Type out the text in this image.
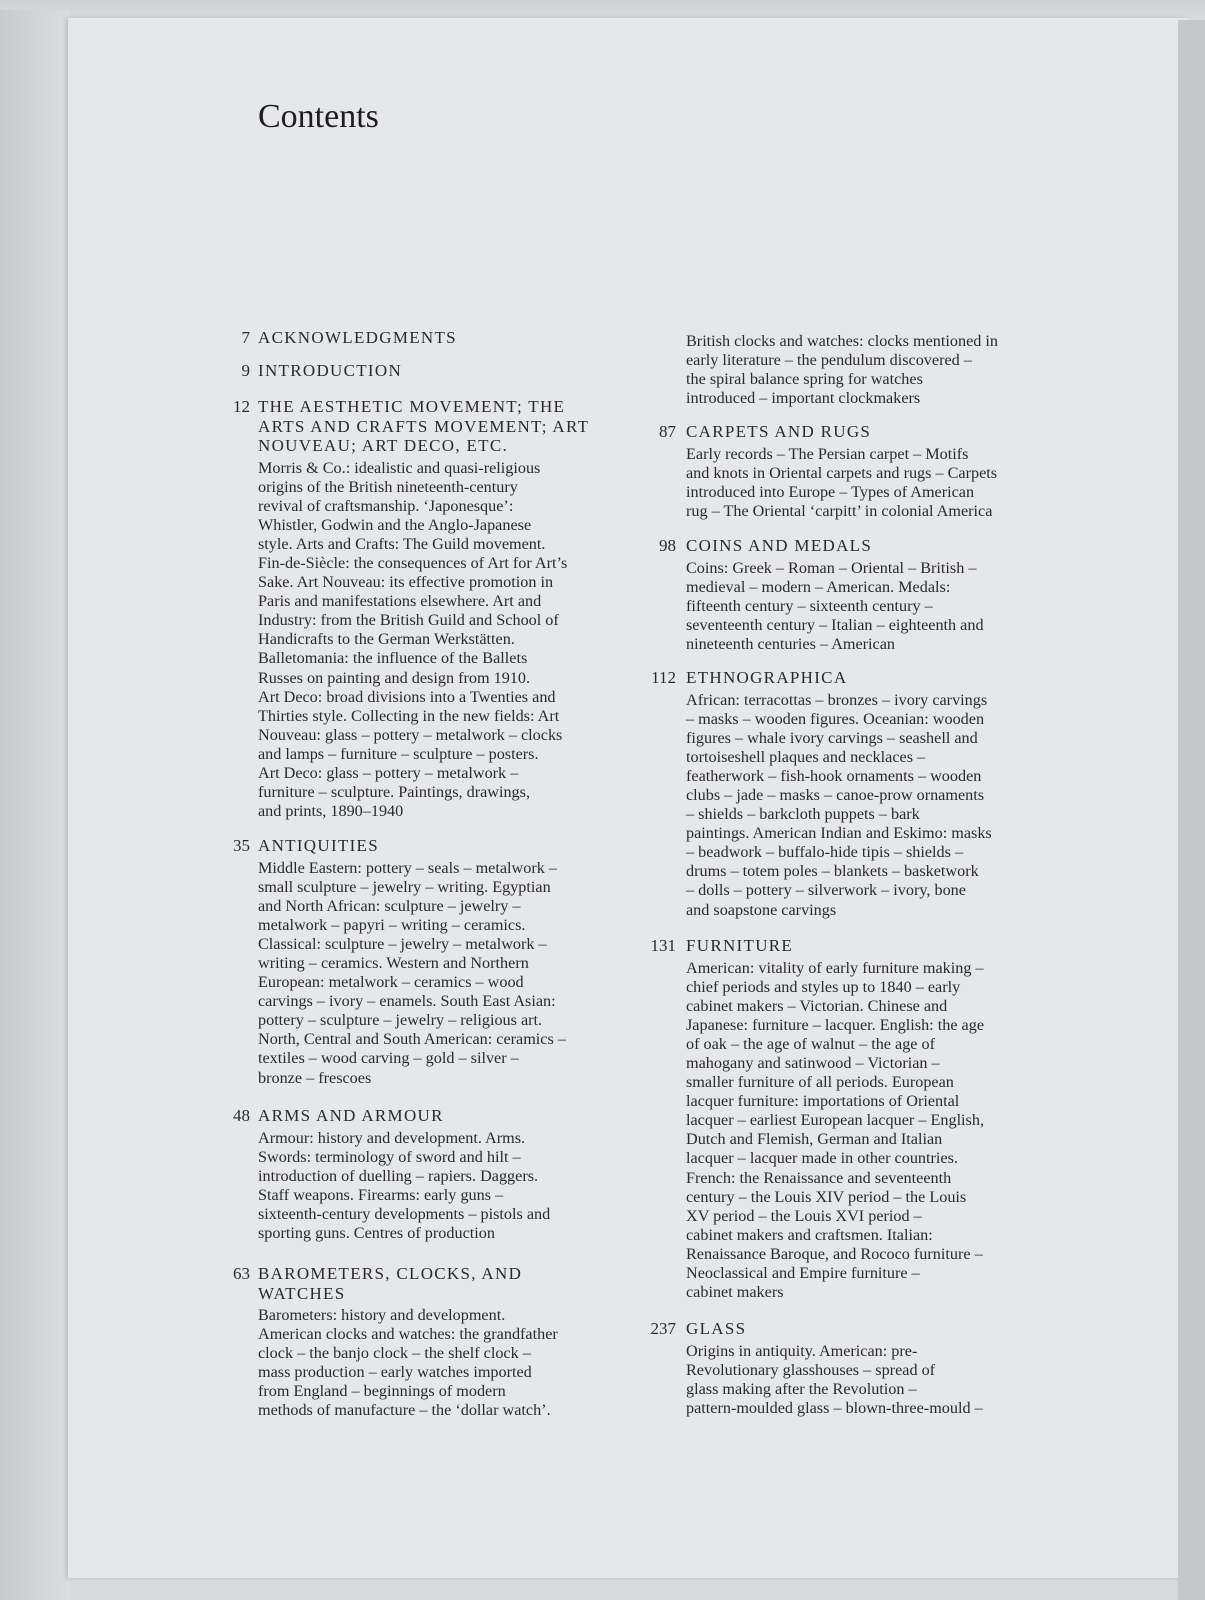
Contents
7 ACKNOWLEDGMENTS
9 INTRODUCTION
12 THE AESTHETIC MOVEMENT; THE
ARTS AND CRAFTS MOVEMENT; ART
NOUVEAU; ART DECO, ETC.
Morris & Co.: idealistic and quasi-religious
origins of the British nineteenth-century
revival of craftsmanship. ‘Japonesque’:
Whistler, Godwin and the Anglo-Japanese
style. Arts and Crafts: The Guild movement.
Fin-de-Siècle: the consequences of Art for Art’s
Sake. Art Nouveau: its effective promotion in
Paris and manifestations elsewhere. Art and
Industry: from the British Guild and School of
Handicrafts to the German Werkstätten.
Balletomania: the influence of the Ballets
Russes on painting and design from 1910.
Art Deco: broad divisions into a Twenties and
Thirties style. Collecting in the new fields: Art
Nouveau: glass – pottery – metalwork – clocks
and lamps – furniture – sculpture – posters.
Art Deco: glass – pottery – metalwork –
furniture – sculpture. Paintings, drawings,
and prints, 1890–1940
35 ANTIQUITIES
Middle Eastern: pottery – seals – metalwork –
small sculpture – jewelry – writing. Egyptian
and North African: sculpture – jewelry –
metalwork – papyri – writing – ceramics.
Classical: sculpture – jewelry – metalwork –
writing – ceramics. Western and Northern
European: metalwork – ceramics – wood
carvings – ivory – enamels. South East Asian:
pottery – sculpture – jewelry – religious art.
North, Central and South American: ceramics –
textiles – wood carving – gold – silver –
bronze – frescoes
48 ARMS AND ARMOUR
Armour: history and development. Arms.
Swords: terminology of sword and hilt –
introduction of duelling – rapiers. Daggers.
Staff weapons. Firearms: early guns –
sixteenth-century developments – pistols and
sporting guns. Centres of production
63 BAROMETERS, CLOCKS, AND
WATCHES
Barometers: history and development.
American clocks and watches: the grandfather
clock – the banjo clock – the shelf clock –
mass production – early watches imported
from England – beginnings of modern
methods of manufacture – the ‘dollar watch’.
British clocks and watches: clocks mentioned in
early literature – the pendulum discovered –
the spiral balance spring for watches
introduced – important clockmakers
87 CARPETS AND RUGS
Early records – The Persian carpet – Motifs
and knots in Oriental carpets and rugs – Carpets
introduced into Europe – Types of American
rug – The Oriental ‘carpitt’ in colonial America
98 COINS AND MEDALS
Coins: Greek – Roman – Oriental – British –
medieval – modern – American. Medals:
fifteenth century – sixteenth century –
seventeenth century – Italian – eighteenth and
nineteenth centuries – American
112 ETHNOGRAPHICA
African: terracottas – bronzes – ivory carvings
– masks – wooden figures. Oceanian: wooden
figures – whale ivory carvings – seashell and
tortoiseshell plaques and necklaces –
featherwork – fish-hook ornaments – wooden
clubs – jade – masks – canoe-prow ornaments
– shields – barkcloth puppets – bark
paintings. American Indian and Eskimo: masks
– beadwork – buffalo-hide tipis – shields –
drums – totem poles – blankets – basketwork
– dolls – pottery – silverwork – ivory, bone
and soapstone carvings
131 FURNITURE
American: vitality of early furniture making –
chief periods and styles up to 1840 – early
cabinet makers – Victorian. Chinese and
Japanese: furniture – lacquer. English: the age
of oak – the age of walnut – the age of
mahogany and satinwood – Victorian –
smaller furniture of all periods. European
lacquer furniture: importations of Oriental
lacquer – earliest European lacquer – English,
Dutch and Flemish, German and Italian
lacquer – lacquer made in other countries.
French: the Renaissance and seventeenth
century – the Louis XIV period – the Louis
XV period – the Louis XVI period –
cabinet makers and craftsmen. Italian:
Renaissance Baroque, and Rococo furniture –
Neoclassical and Empire furniture –
cabinet makers
237 GLASS
Origins in antiquity. American: pre-
Revolutionary glasshouses – spread of
glass making after the Revolution –
pattern-moulded glass – blown-three-mould –
